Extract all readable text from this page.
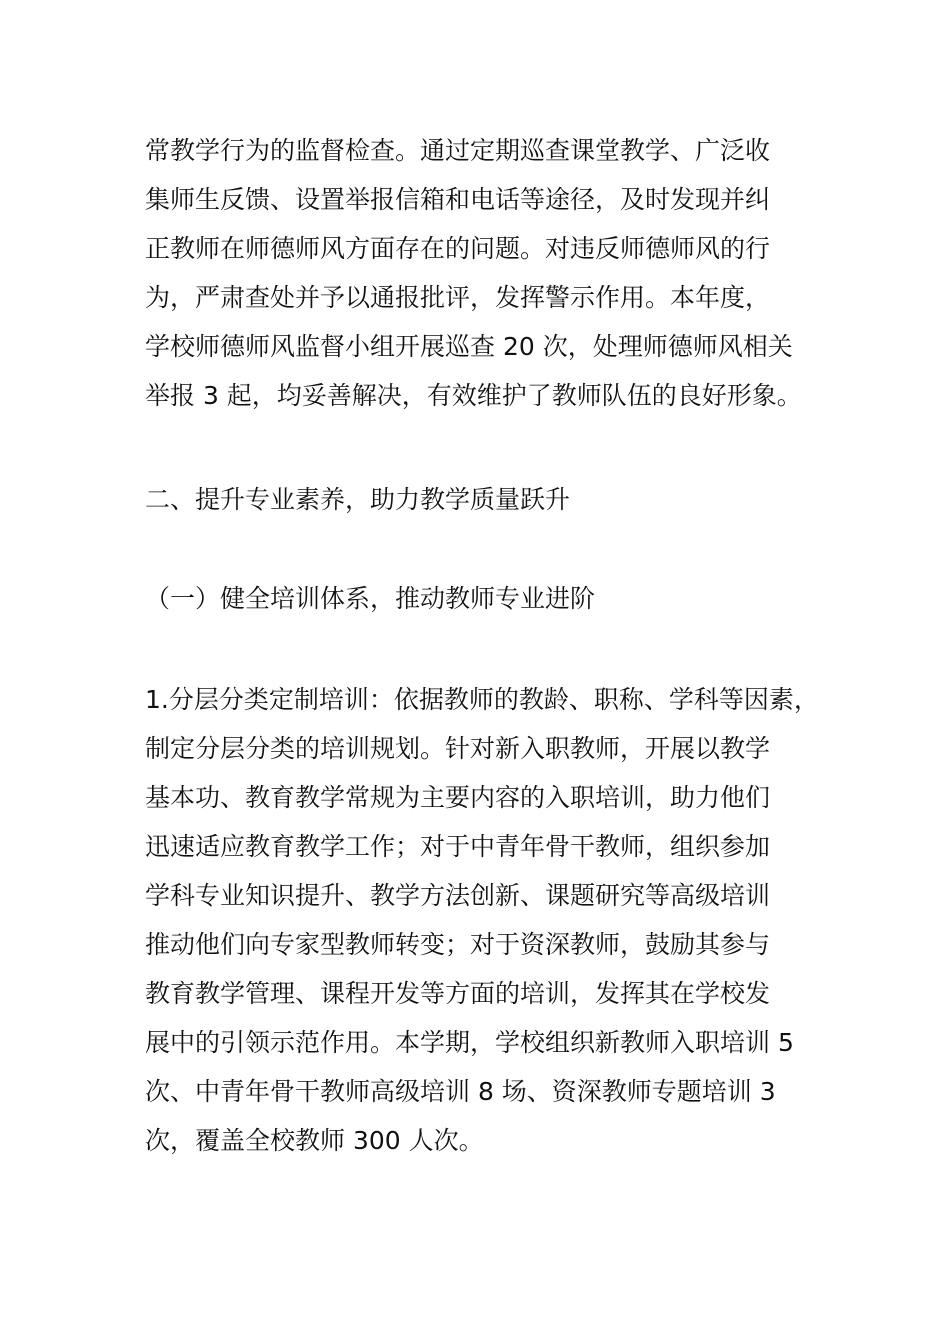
常教学行为的监督检查。通过定期巡查课堂教学、广泛收
集师生反馈、设置举报信箱和电话等途径，及时发现并纠
正教师在师德师风方面存在的问题。对违反师德师风的行
为，严肃查处并予以通报批评，发挥警示作用。本年度，
学校师德师风监督小组开展巡查 20 次，处理师德师风相关
举报 3 起，均妥善解决，有效维护了教师队伍的良好形象。
二、提升专业素养，助力教学质量跃升
（一）健全培训体系，推动教师专业进阶
1.分层分类定制培训：依据教师的教龄、职称、学科等因素，
制定分层分类的培训规划。针对新入职教师，开展以教学
基本功、教育教学常规为主要内容的入职培训，助力他们
迅速适应教育教学工作；对于中青年骨干教师，组织参加
学科专业知识提升、教学方法创新、课题研究等高级培训
推动他们向专家型教师转变；对于资深教师，鼓励其参与
教育教学管理、课程开发等方面的培训，发挥其在学校发
展中的引领示范作用。本学期，学校组织新教师入职培训 5
次、中青年骨干教师高级培训 8 场、资深教师专题培训 3
次，覆盖全校教师 300 人次。
